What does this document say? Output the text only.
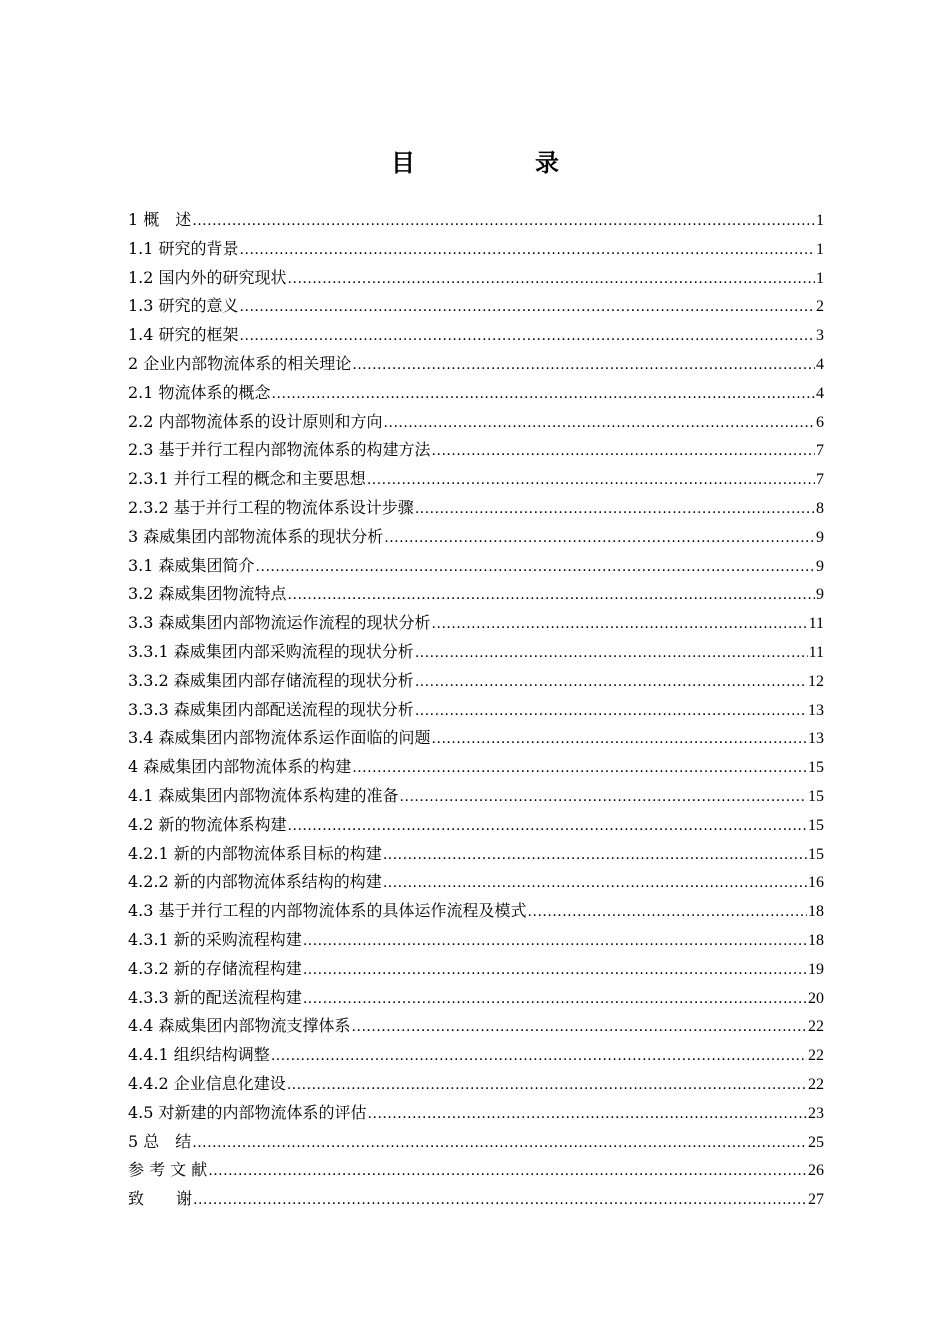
目　录
1 概　述 .....	1
1.1 研究的背景 .....	1
1.2 国内外的研究现状 .....	1
1.3 研究的意义 .....	2
1.4 研究的框架 .....	3
2 企业内部物流体系的相关理论 .....	4
2.1 物流体系的概念 .....	4
2.2 内部物流体系的设计原则和方向 .....	6
2.3 基于并行工程内部物流体系的构建方法 .....	7
2.3.1 并行工程的概念和主要思想 .....	7
2.3.2 基于并行工程的物流体系设计步骤 .....	8
3 森威集团内部物流体系的现状分析 .....	9
3.1 森威集团简介 .....	9
3.2 森威集团物流特点 .....	9
3.3 森威集团内部物流运作流程的现状分析 .....	11
3.3.1 森威集团内部采购流程的现状分析 .....	11
3.3.2 森威集团内部存储流程的现状分析 .....	12
3.3.3 森威集团内部配送流程的现状分析 .....	13
3.4 森威集团内部物流体系运作面临的问题 .....	13
4 森威集团内部物流体系的构建 .....	15
4.1 森威集团内部物流体系构建的准备 .....	15
4.2 新的物流体系构建 .....	15
4.2.1 新的内部物流体系目标的构建 .....	15
4.2.2 新的内部物流体系结构的构建 .....	16
4.3 基于并行工程的内部物流体系的具体运作流程及模式 .....	18
4.3.1 新的采购流程构建 .....	18
4.3.2 新的存储流程构建 .....	19
4.3.3 新的配送流程构建 .....	20
4.4 森威集团内部物流支撑体系 .....	22
4.4.1 组织结构调整 .....	22
4.4.2 企业信息化建设 .....	22
4.5 对新建的内部物流体系的评估 .....	23
5 总　结 .....	25
参 考 文 献 .....	26
致　　谢 .....	27
